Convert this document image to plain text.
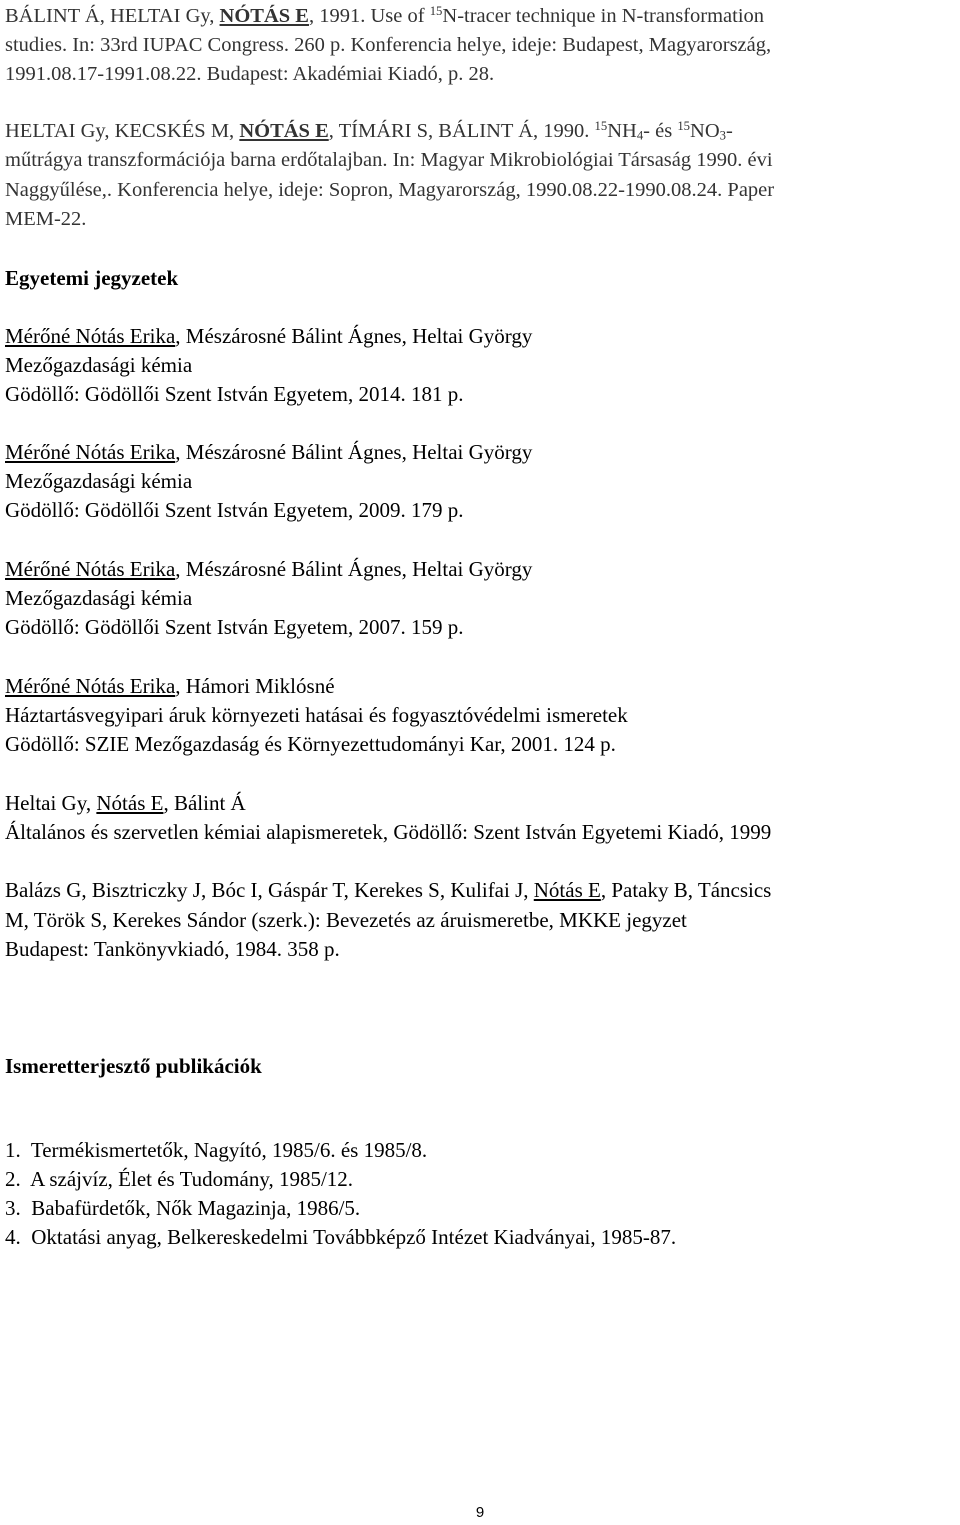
BÁLINT Á, HELTAI Gy, NÓTÁS E, 1991. Use of $^{15}$N-tracer technique in N-transformation
studies. In: 33rd IUPAC Congress. 260 p. Konferencia helye, ideje: Budapest, Magyarország,
1991.08.17-1991.08.22. Budapest: Akadémiai Kiadó, p. 28.
HELTAI Gy, KECSKÉS M, NÓTÁS E, TÍMÁRI S, BÁLINT Á, 1990. $^{15}NH_4-$ és $^{15}NO_3-$
műtrágya transzformációja barna erdőtalajban. In: Magyar Mikrobiológiai Társaság 1990. évi
Naggyűlése,. Konferencia helye, ideje: Sopron, Magyarország, 1990.08.22-1990.08.24. Paper
MEM-22.
Egyetemi jegyzetek
Mérőné Nótás Erika, Mészárosné Bálint Ágnes, Heltai György
Mezőgazdasági kémia
Gödöllő: Gödöllői Szent István Egyetem, 2014. 181 p.
Mérőné Nótás Erika, Mészárosné Bálint Ágnes, Heltai György
Mezőgazdasági kémia
Gödöllő: Gödöllői Szent István Egyetem, 2009. 179 p.
Mérőné Nótás Erika, Mészárosné Bálint Ágnes, Heltai György
Mezőgazdasági kémia
Gödöllő: Gödöllői Szent István Egyetem, 2007. 159 p.
Mérőné Nótás Erika, Hámori Miklósné
Háztartásvegyipari áruk környezeti hatásai és fogyasztóvédelmi ismeretek
Gödöllő: SZIE Mezőgazdaság és Környezettudományi Kar, 2001. 124 p.
Heltai Gy, Nótás E, Bálint Á
Általános és szervetlen kémiai alapismeretek, Gödöllő: Szent István Egyetemi Kiadó, 1999
Balázs G, Bisztriczky J, Bóc I, Gáspár T, Kerekes S, Kulifai J, Nótás E, Pataky B, Táncsics
M, Török S, Kerekes Sándor (szerk.): Bevezetés az áruismeretbe, MKKE jegyzet
Budapest: Tankönyvkiadó, 1984. 358 p.
Ismeretterjesztő publikációk
1.  Termékismertetők, Nagyító, 1985/6. és 1985/8.
2.  A szájvíz, Élet és Tudomány, 1985/12.
3.  Babafürdetők, Nők Magazinja, 1986/5.
4.  Oktatási anyag, Belkereskedelmi Továbbképző Intézet Kiadványai, 1985-87.
9
